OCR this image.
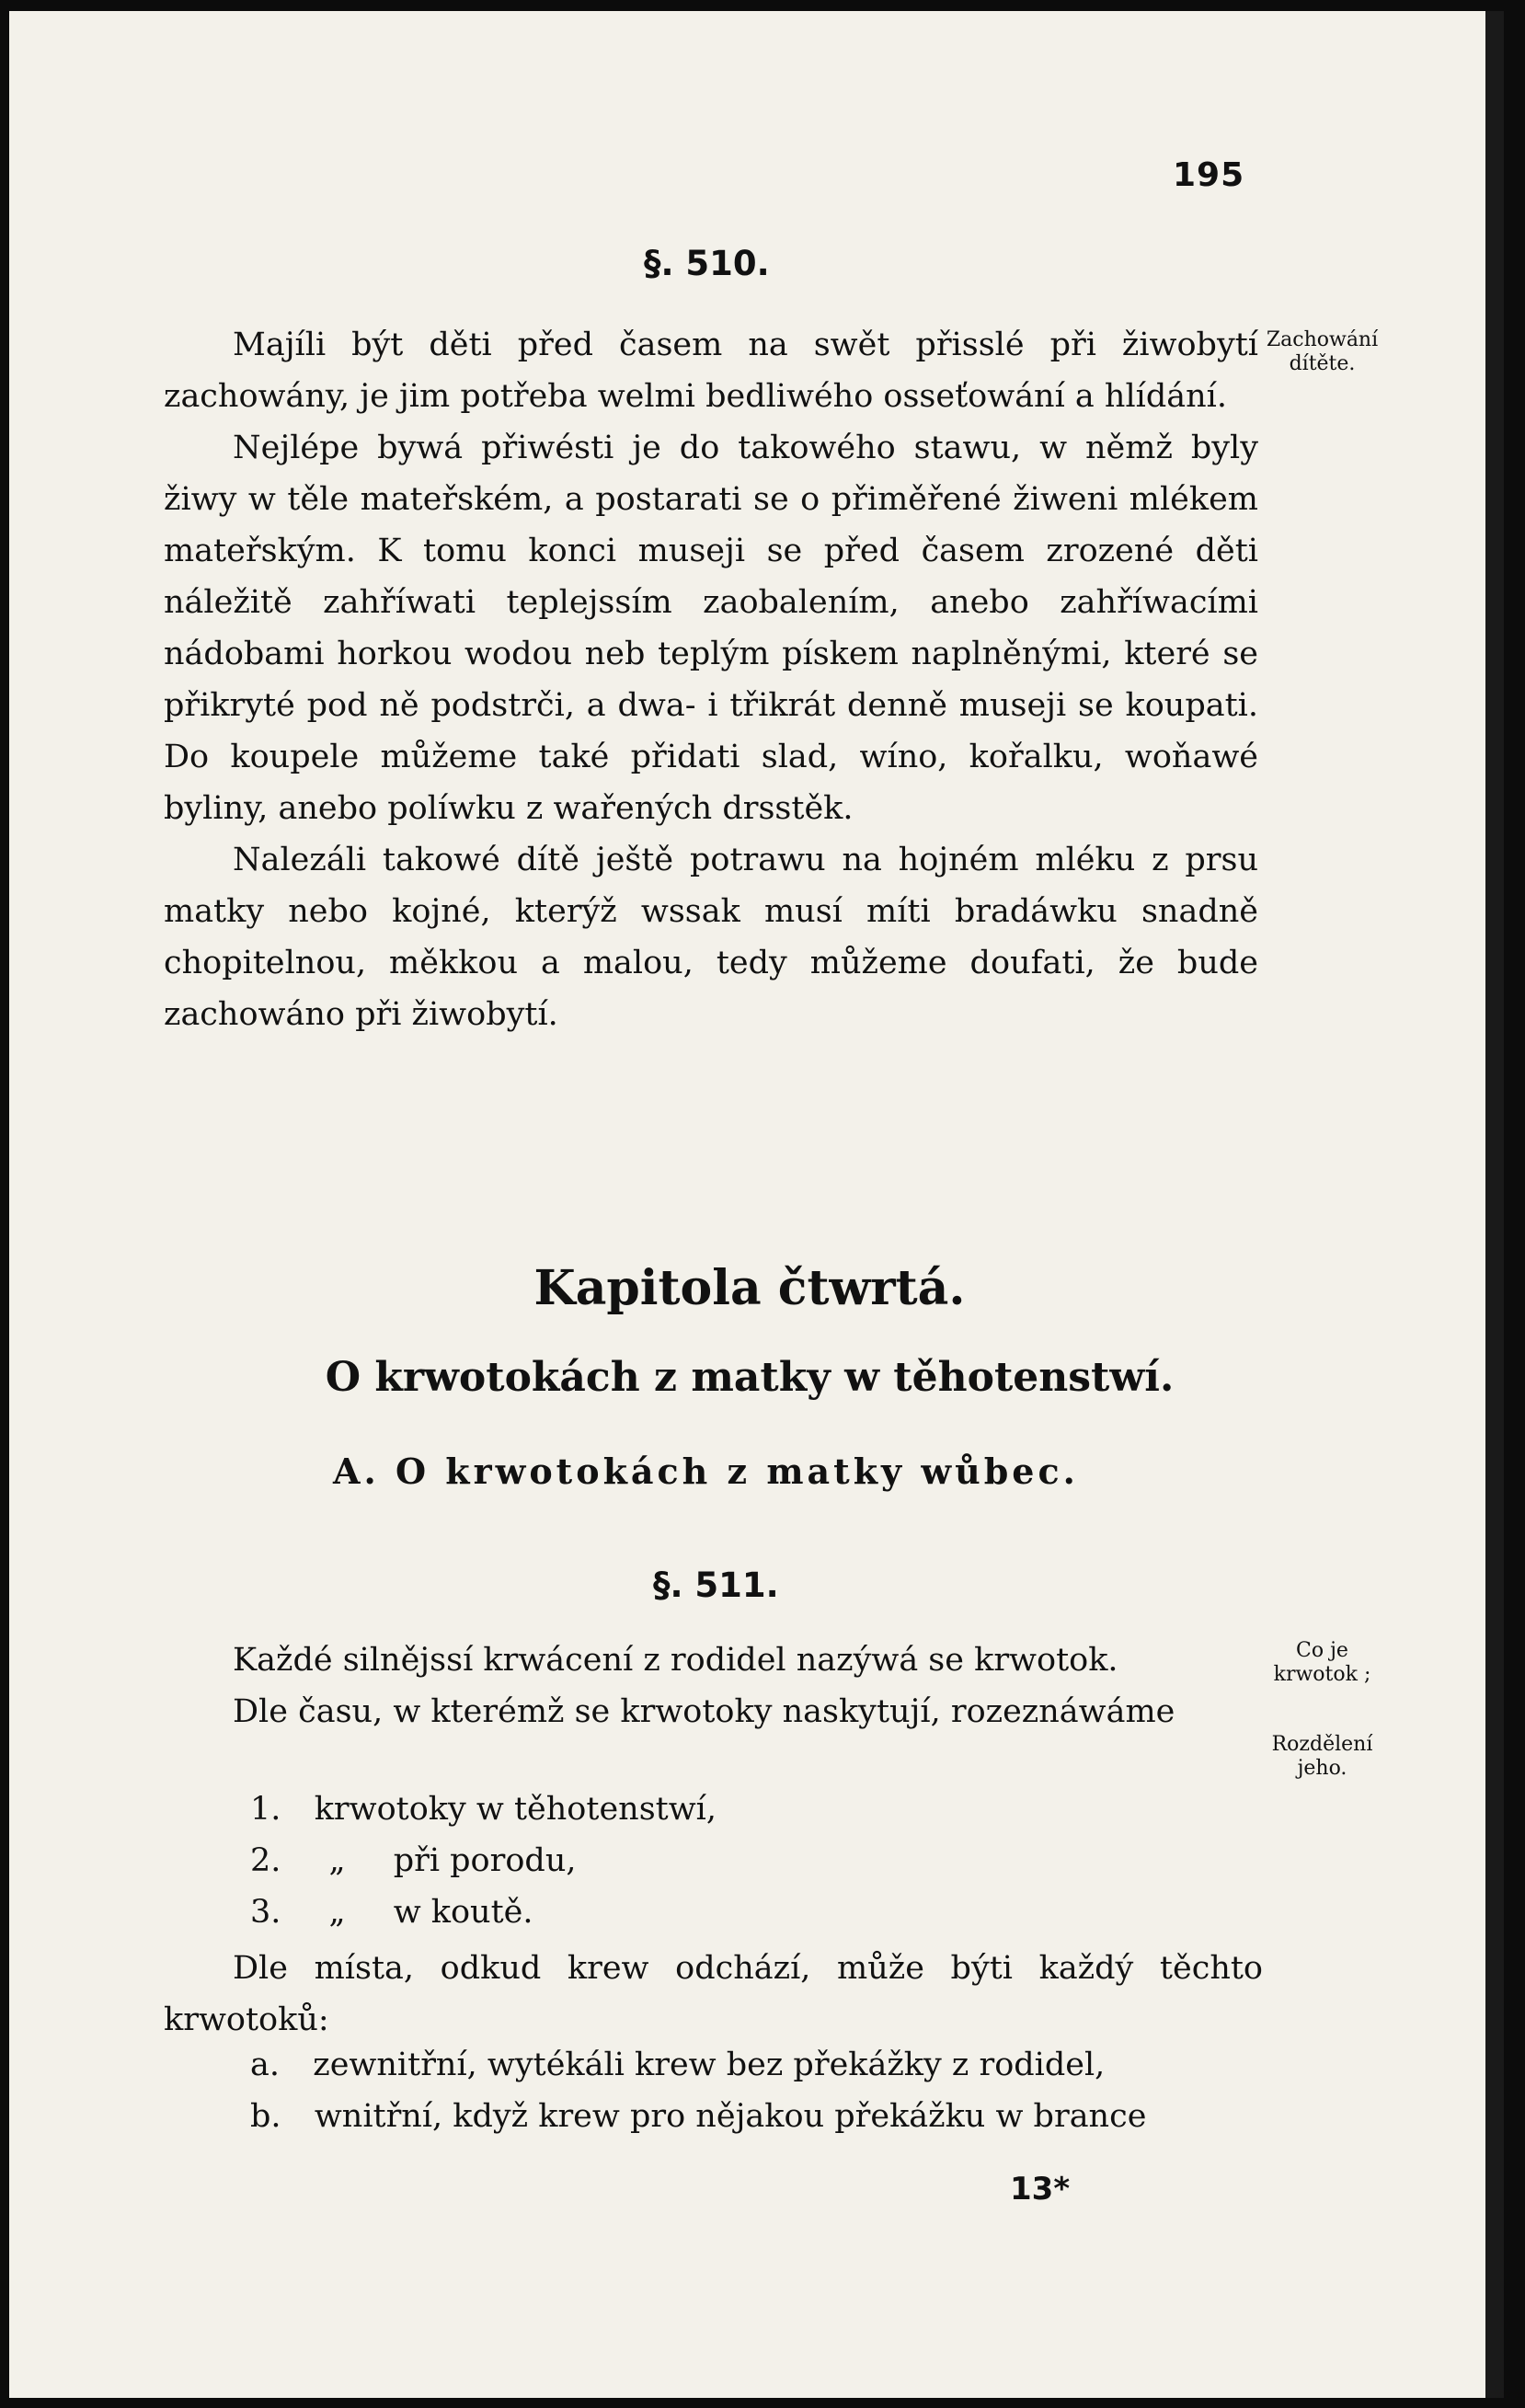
195
§. 510.
Zachowání
dítěte.

Majíli být děti před časem na swět přisslé při žiwobytí zachowány, je jim potřeba welmi bedliwého osseťowání a hlídání.

Nejlépe bywá přiwésti je do takowého stawu, w němž byly žiwy w těle mateřském, a postarati se o přiměřené žiweni mlékem mateřským. K tomu konci museji se před časem zrozené děti náležitě zahříwati teplejssím zaobalením, anebo zahříwacími nádobami horkou wodou neb teplým pískem naplněnými, které se přikryté pod ně podstrči, a dwa- i třikrát denně museji se koupati. Do koupele můžeme také přidati slad, wíno, kořalku, woňawé byliny, anebo políwku z wařených drsstěk.

Nalezáli takowé dítě ještě potrawu na hojném mléku z prsu matky nebo kojné, kterýž wssak musí míti bradáwku snadně chopitelnou, měkkou a malou, tedy můžeme doufati, že bude zachowáno při žiwobytí.

Kapitola čtwrtá.
O krwotokách z matky w těhotenstwí.
A. O krwotokách z matky wůbec.
§. 511.
Co je krwotok ;
Rozdělení jeho.

Každé silnějssí krwácení z rodidel nazýwá se krwotok.

Dle času, w kterémž se krwotoky naskytují, rozeznáwáme

1. krwotoky w těhotenstwí,
2. „ při porodu,
3. „ w koutě.

Dle místa, odkud krew odchází, může býti každý těchto krwotoků:

a. zewnitřní, wytékáli krew bez překážky z rodidel,
b. wnitřní, když krew pro nějakou překážku w brance
13*
